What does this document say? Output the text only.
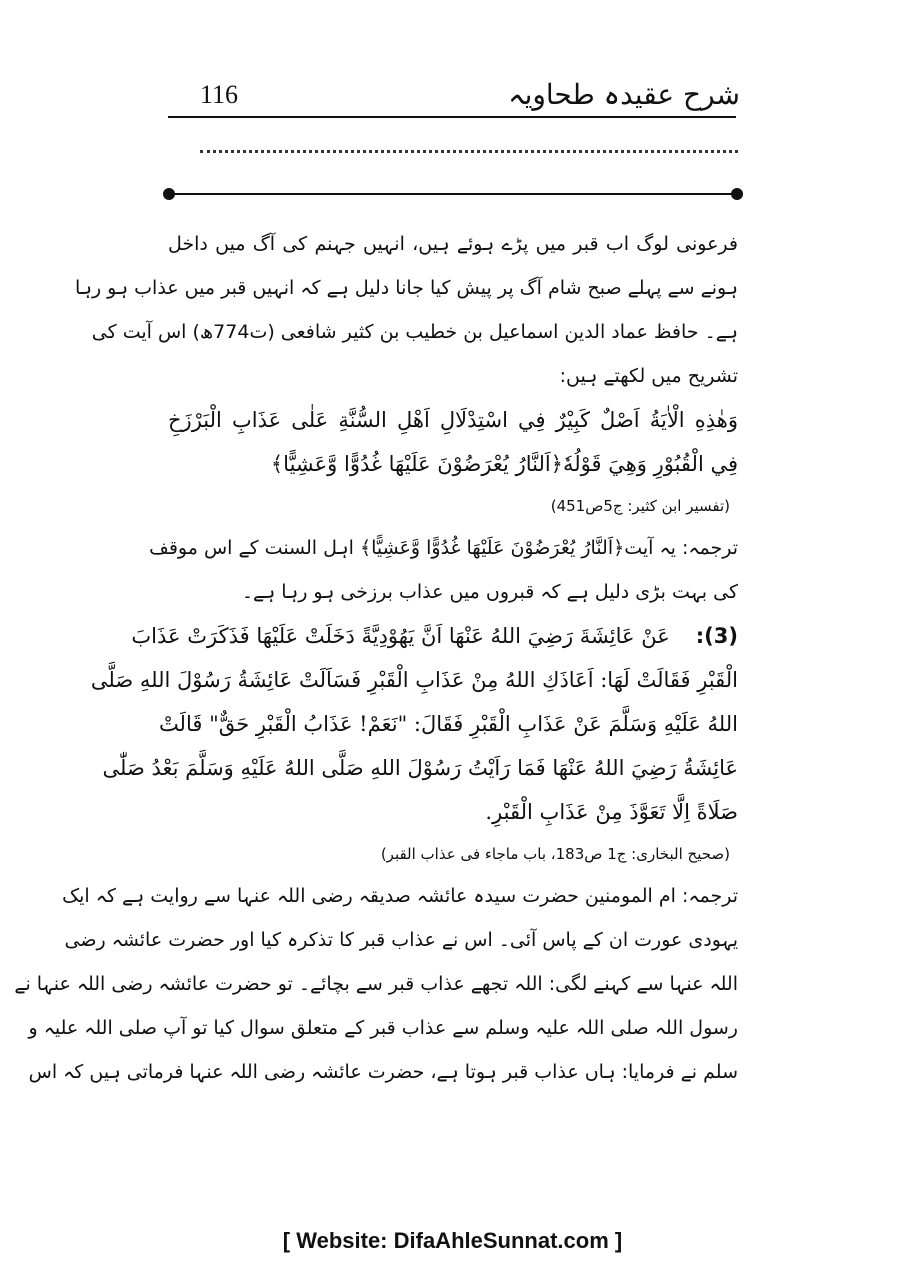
116	شرح عقیدہ طحاویہ
فرعونی لوگ اب قبر میں پڑے ہوئے ہیں، انہیں جہنم کی آگ میں داخل
ہونے سے پہلے صبح شام آگ پر پیش کیا جانا دلیل ہے کہ انہیں قبر میں عذاب ہو رہا
ہے۔ حافظ عماد الدین اسماعیل بن خطیب بن کثیر شافعی (ت774ھ) اس آیت کی
تشریح میں لکھتے ہیں:
وَهٰذِهِ الْاٰيَةُ اَصْلٌ كَبِيْرٌ فِي اسْتِدْلَالِ اَهْلِ السُّنَّةِ عَلٰى عَذَابِ الْبَرْزَخِ
فِي الْقُبُوْرِ وَهِيَ قَوْلُهٗ﴿اَلنَّارُ يُعْرَضُوْنَ عَلَيْهَا غُدُوًّا وَّعَشِيًّا﴾
(تفسیر ابن کثیر: ج5ص451)
ترجمہ: یہ آیت﴿اَلنَّارُ يُعْرَضُوْنَ عَلَيْهَا غُدُوًّا وَّعَشِيًّا﴾ اہل السنت کے اس موقف
کی بہت بڑی دلیل ہے کہ قبروں میں عذاب برزخی ہو رہا ہے۔
(3):عَنْ عَائِشَةَ رَضِيَ اللهُ عَنْهَا اَنَّ يَهُوْدِيَّةً دَخَلَتْ عَلَيْهَا فَذَكَرَتْ عَذَابَ
الْقَبْرِ فَقَالَتْ لَهَا: اَعَاذَكِ اللهُ مِنْ عَذَابِ الْقَبْرِ فَسَاَلَتْ عَائِشَةُ رَسُوْلَ اللهِ صَلَّى
اللهُ عَلَيْهِ وَسَلَّمَ عَنْ عَذَابِ الْقَبْرِ فَقَالَ: "نَعَمْ! عَذَابُ الْقَبْرِ حَقٌّ" قَالَتْ
عَائِشَةُ رَضِيَ اللهُ عَنْهَا فَمَا رَاَيْتُ رَسُوْلَ اللهِ صَلَّى اللهُ عَلَيْهِ وَسَلَّمَ بَعْدُ صَلّٰى
صَلَاةً اِلَّا تَعَوَّذَ مِنْ عَذَابِ الْقَبْرِ.
(صحیح البخاری: ج1 ص183، باب ماجاء فی عذاب القبر)
ترجمہ: ام المومنین حضرت سیدہ عائشہ صدیقہ رضی اللہ عنہا سے روایت ہے کہ ایک
یہودی عورت ان کے پاس آئی۔ اس نے عذاب قبر کا تذکرہ کیا اور حضرت عائشہ رضی
اللہ عنہا سے کہنے لگی: اللہ تجھے عذاب قبر سے بچائے۔ تو حضرت عائشہ رضی اللہ عنہا نے
رسول اللہ صلی اللہ علیہ وسلم سے عذاب قبر کے متعلق سوال کیا تو آپ صلی اللہ علیہ و
سلم نے فرمایا: ہاں عذاب قبر ہوتا ہے، حضرت عائشہ رضی اللہ عنہا فرماتی ہیں کہ اس
[ Website: DifaAhleSunnat.com ]
